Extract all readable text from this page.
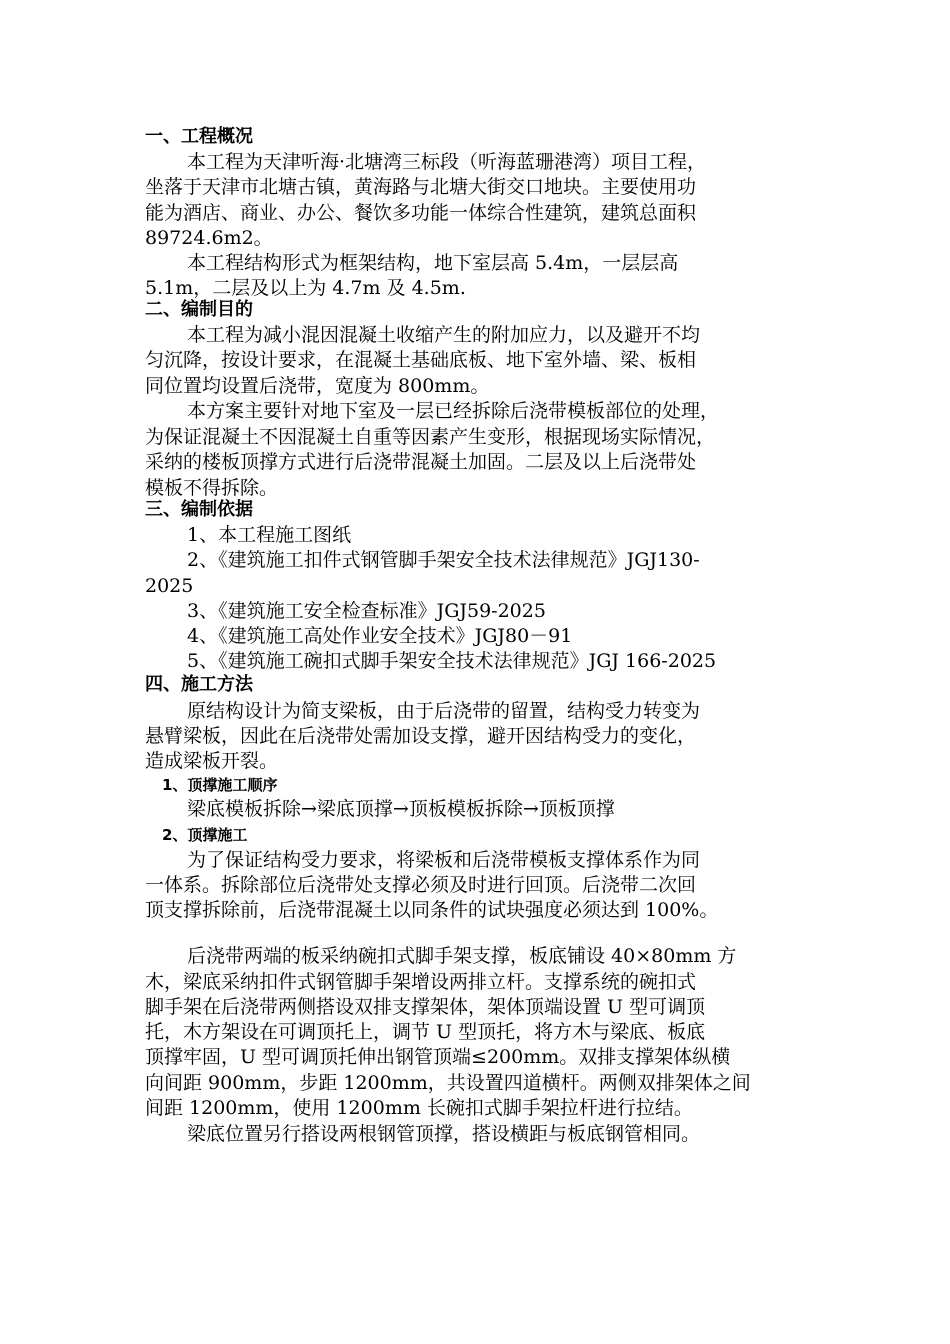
一、工程概况
本工程为天津听海·北塘湾三标段（听海蓝珊港湾）项目工程，
坐落于天津市北塘古镇，黄海路与北塘大街交口地块。主要使用功
能为酒店、商业、办公、餐饮多功能一体综合性建筑，建筑总面积
89724.6m2。
本工程结构形式为框架结构，地下室层高 5.4m，一层层高
5.1m，二层及以上为 4.7m 及 4.5m.
二、编制目的
本工程为减小混因混凝土收缩产生的附加应力，以及避开不均
匀沉降，按设计要求，在混凝土基础底板、地下室外墙、梁、板相
同位置均设置后浇带，宽度为 800mm。
本方案主要针对地下室及一层已经拆除后浇带模板部位的处理，
为保证混凝土不因混凝土自重等因素产生变形，根据现场实际情况，
采纳的楼板顶撑方式进行后浇带混凝土加固。二层及以上后浇带处
模板不得拆除。
三、编制依据
1、本工程施工图纸
2、《建筑施工扣件式钢管脚手架安全技术法律规范》JGJ130-
2025
3、《建筑施工安全检查标准》JGJ59-2025
4、《建筑施工高处作业安全技术》JGJ80－91
5、《建筑施工碗扣式脚手架安全技术法律规范》JGJ 166-2025
四、施工方法
原结构设计为简支梁板，由于后浇带的留置，结构受力转变为
悬臂梁板，因此在后浇带处需加设支撑，避开因结构受力的变化，
造成梁板开裂。
1、顶撑施工顺序
梁底模板拆除→梁底顶撑→顶板模板拆除→顶板顶撑
2、顶撑施工
为了保证结构受力要求，将梁板和后浇带模板支撑体系作为同
一体系。拆除部位后浇带处支撑必须及时进行回顶。后浇带二次回
顶支撑拆除前，后浇带混凝土以同条件的试块强度必须达到 100%。
后浇带两端的板采纳碗扣式脚手架支撑，板底铺设 40×80mm 方
木，梁底采纳扣件式钢管脚手架增设两排立杆。支撑系统的碗扣式
脚手架在后浇带两侧搭设双排支撑架体，架体顶端设置 U 型可调顶
托，木方架设在可调顶托上，调节 U 型顶托，将方木与梁底、板底
顶撑牢固，U 型可调顶托伸出钢管顶端≤200mm。双排支撑架体纵横
向间距 900mm，步距 1200mm，共设置四道横杆。两侧双排架体之间
间距 1200mm，使用 1200mm 长碗扣式脚手架拉杆进行拉结。
梁底位置另行搭设两根钢管顶撑，搭设横距与板底钢管相同。
